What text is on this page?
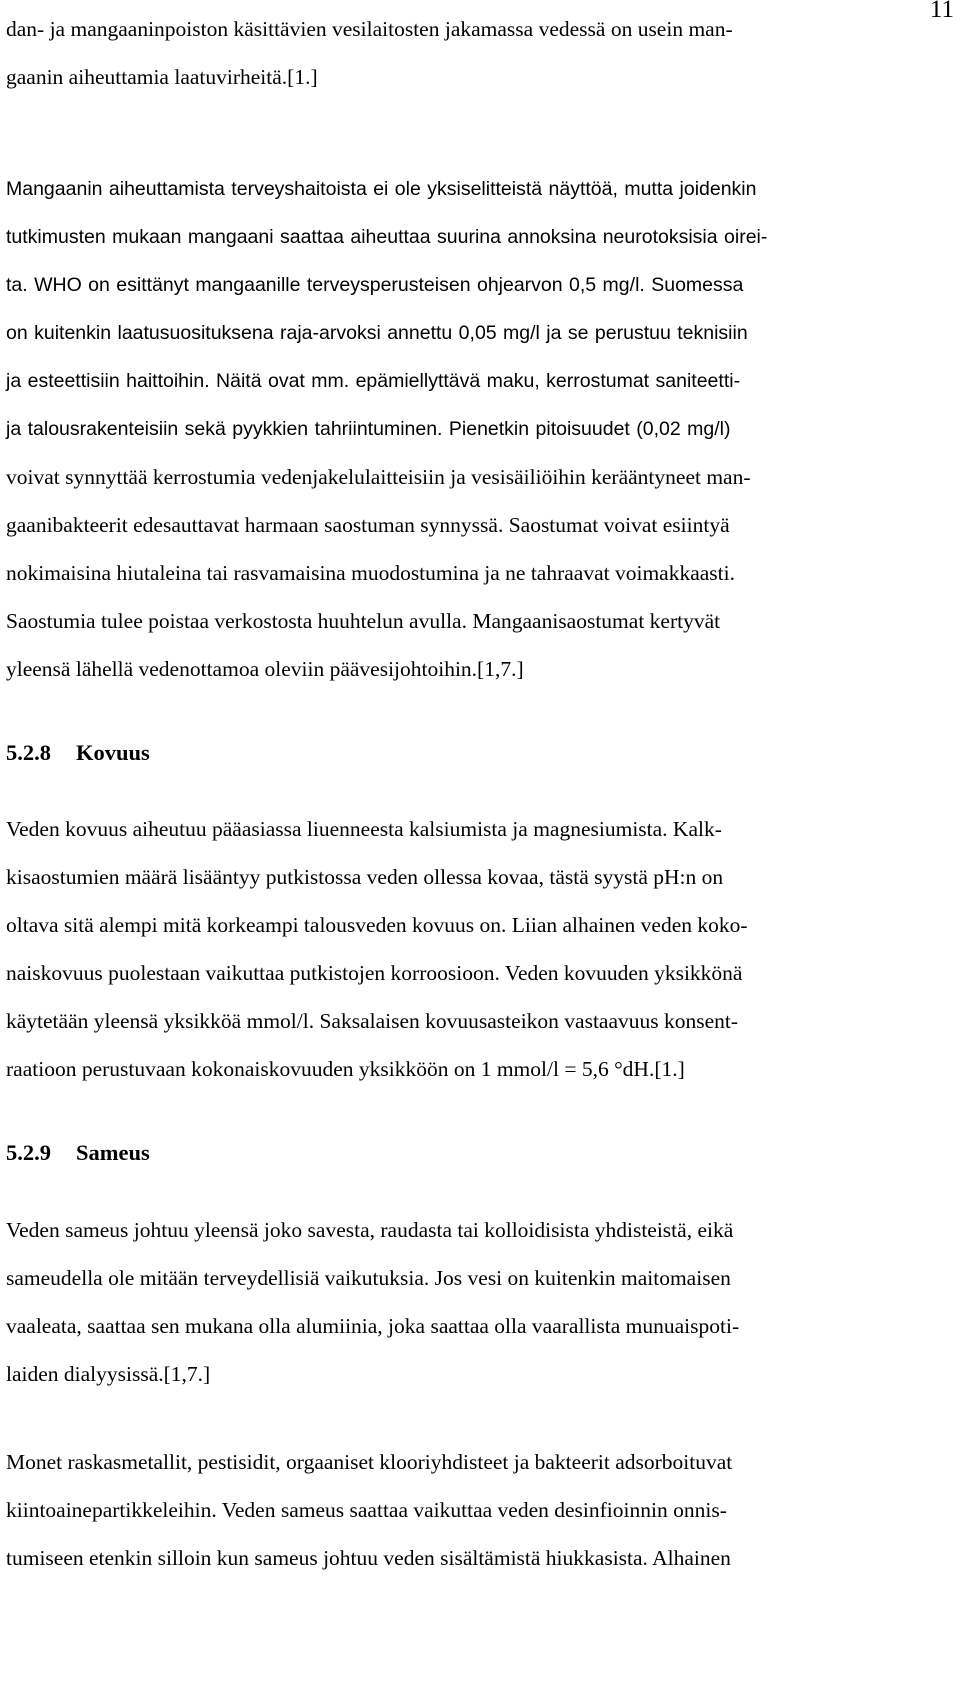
11

dan- ja mangaaninpoiston käsittävien vesilaitosten jakamassa vedessä on usein man-

gaanin aiheuttamia laatuvirheitä.[1.]

Mangaanin aiheuttamista terveyshaitoista ei ole yksiselitteistä näyttöä, mutta joidenkin

tutkimusten mukaan mangaani saattaa aiheuttaa suurina annoksina neurotoksisia oirei-

ta. WHO on esittänyt mangaanille terveysperusteisen ohjearvon 0,5 mg/l. Suomessa

on kuitenkin laatusuosituksena raja-arvoksi annettu 0,05 mg/l ja se perustuu teknisiin

ja esteettisiin haittoihin. Näitä ovat mm. epämiellyttävä maku, kerrostumat saniteetti-

ja talousrakenteisiin sekä pyykkien tahriintuminen. Pienetkin pitoisuudet (0,02 mg/l)

voivat synnyttää kerrostumia vedenjakelulaitteisiin ja vesisäiliöihin kerääntyneet man-

gaanibakteerit edesauttavat harmaan saostuman synnyssä. Saostumat voivat esiintyä

nokimaisina hiutaleina tai rasvamaisina muodostumina ja ne tahraavat voimakkaasti.

Saostumia tulee poistaa verkostosta huuhtelun avulla. Mangaanisaostumat kertyvät

yleensä lähellä vedenottamoa oleviin päävesijohtoihin.[1,7.]

5.2.8 Kovuus

Veden kovuus aiheutuu pääasiassa liuenneesta kalsiumista ja magnesiumista. Kalk-

kisaostumien määrä lisääntyy putkistossa veden ollessa kovaa, tästä syystä pH:n on

oltava sitä alempi mitä korkeampi talousveden kovuus on. Liian alhainen veden koko-

naiskovuus puolestaan vaikuttaa putkistojen korroosioon. Veden kovuuden yksikkönä

käytetään yleensä yksikköä mmol/l. Saksalaisen kovuusasteikon vastaavuus konsent-

raatioon perustuvaan kokonaiskovuuden yksikköön on 1 mmol/l = 5,6 °dH.[1.]

5.2.9 Sameus

Veden sameus johtuu yleensä joko savesta, raudasta tai kolloidisista yhdisteistä, eikä

sameudella ole mitään terveydellisiä vaikutuksia. Jos vesi on kuitenkin maitomaisen

vaaleata, saattaa sen mukana olla alumiinia, joka saattaa olla vaarallista munuaispoti-

laiden dialyysissä.[1,7.]

Monet raskasmetallit, pestisidit, orgaaniset klooriyhdisteet ja bakteerit adsorboituvat

kiintoainepartikkeleihin. Veden sameus saattaa vaikuttaa veden desinfioinnin onnis-

tumiseen etenkin silloin kun sameus johtuu veden sisältämistä hiukkasista. Alhainen
